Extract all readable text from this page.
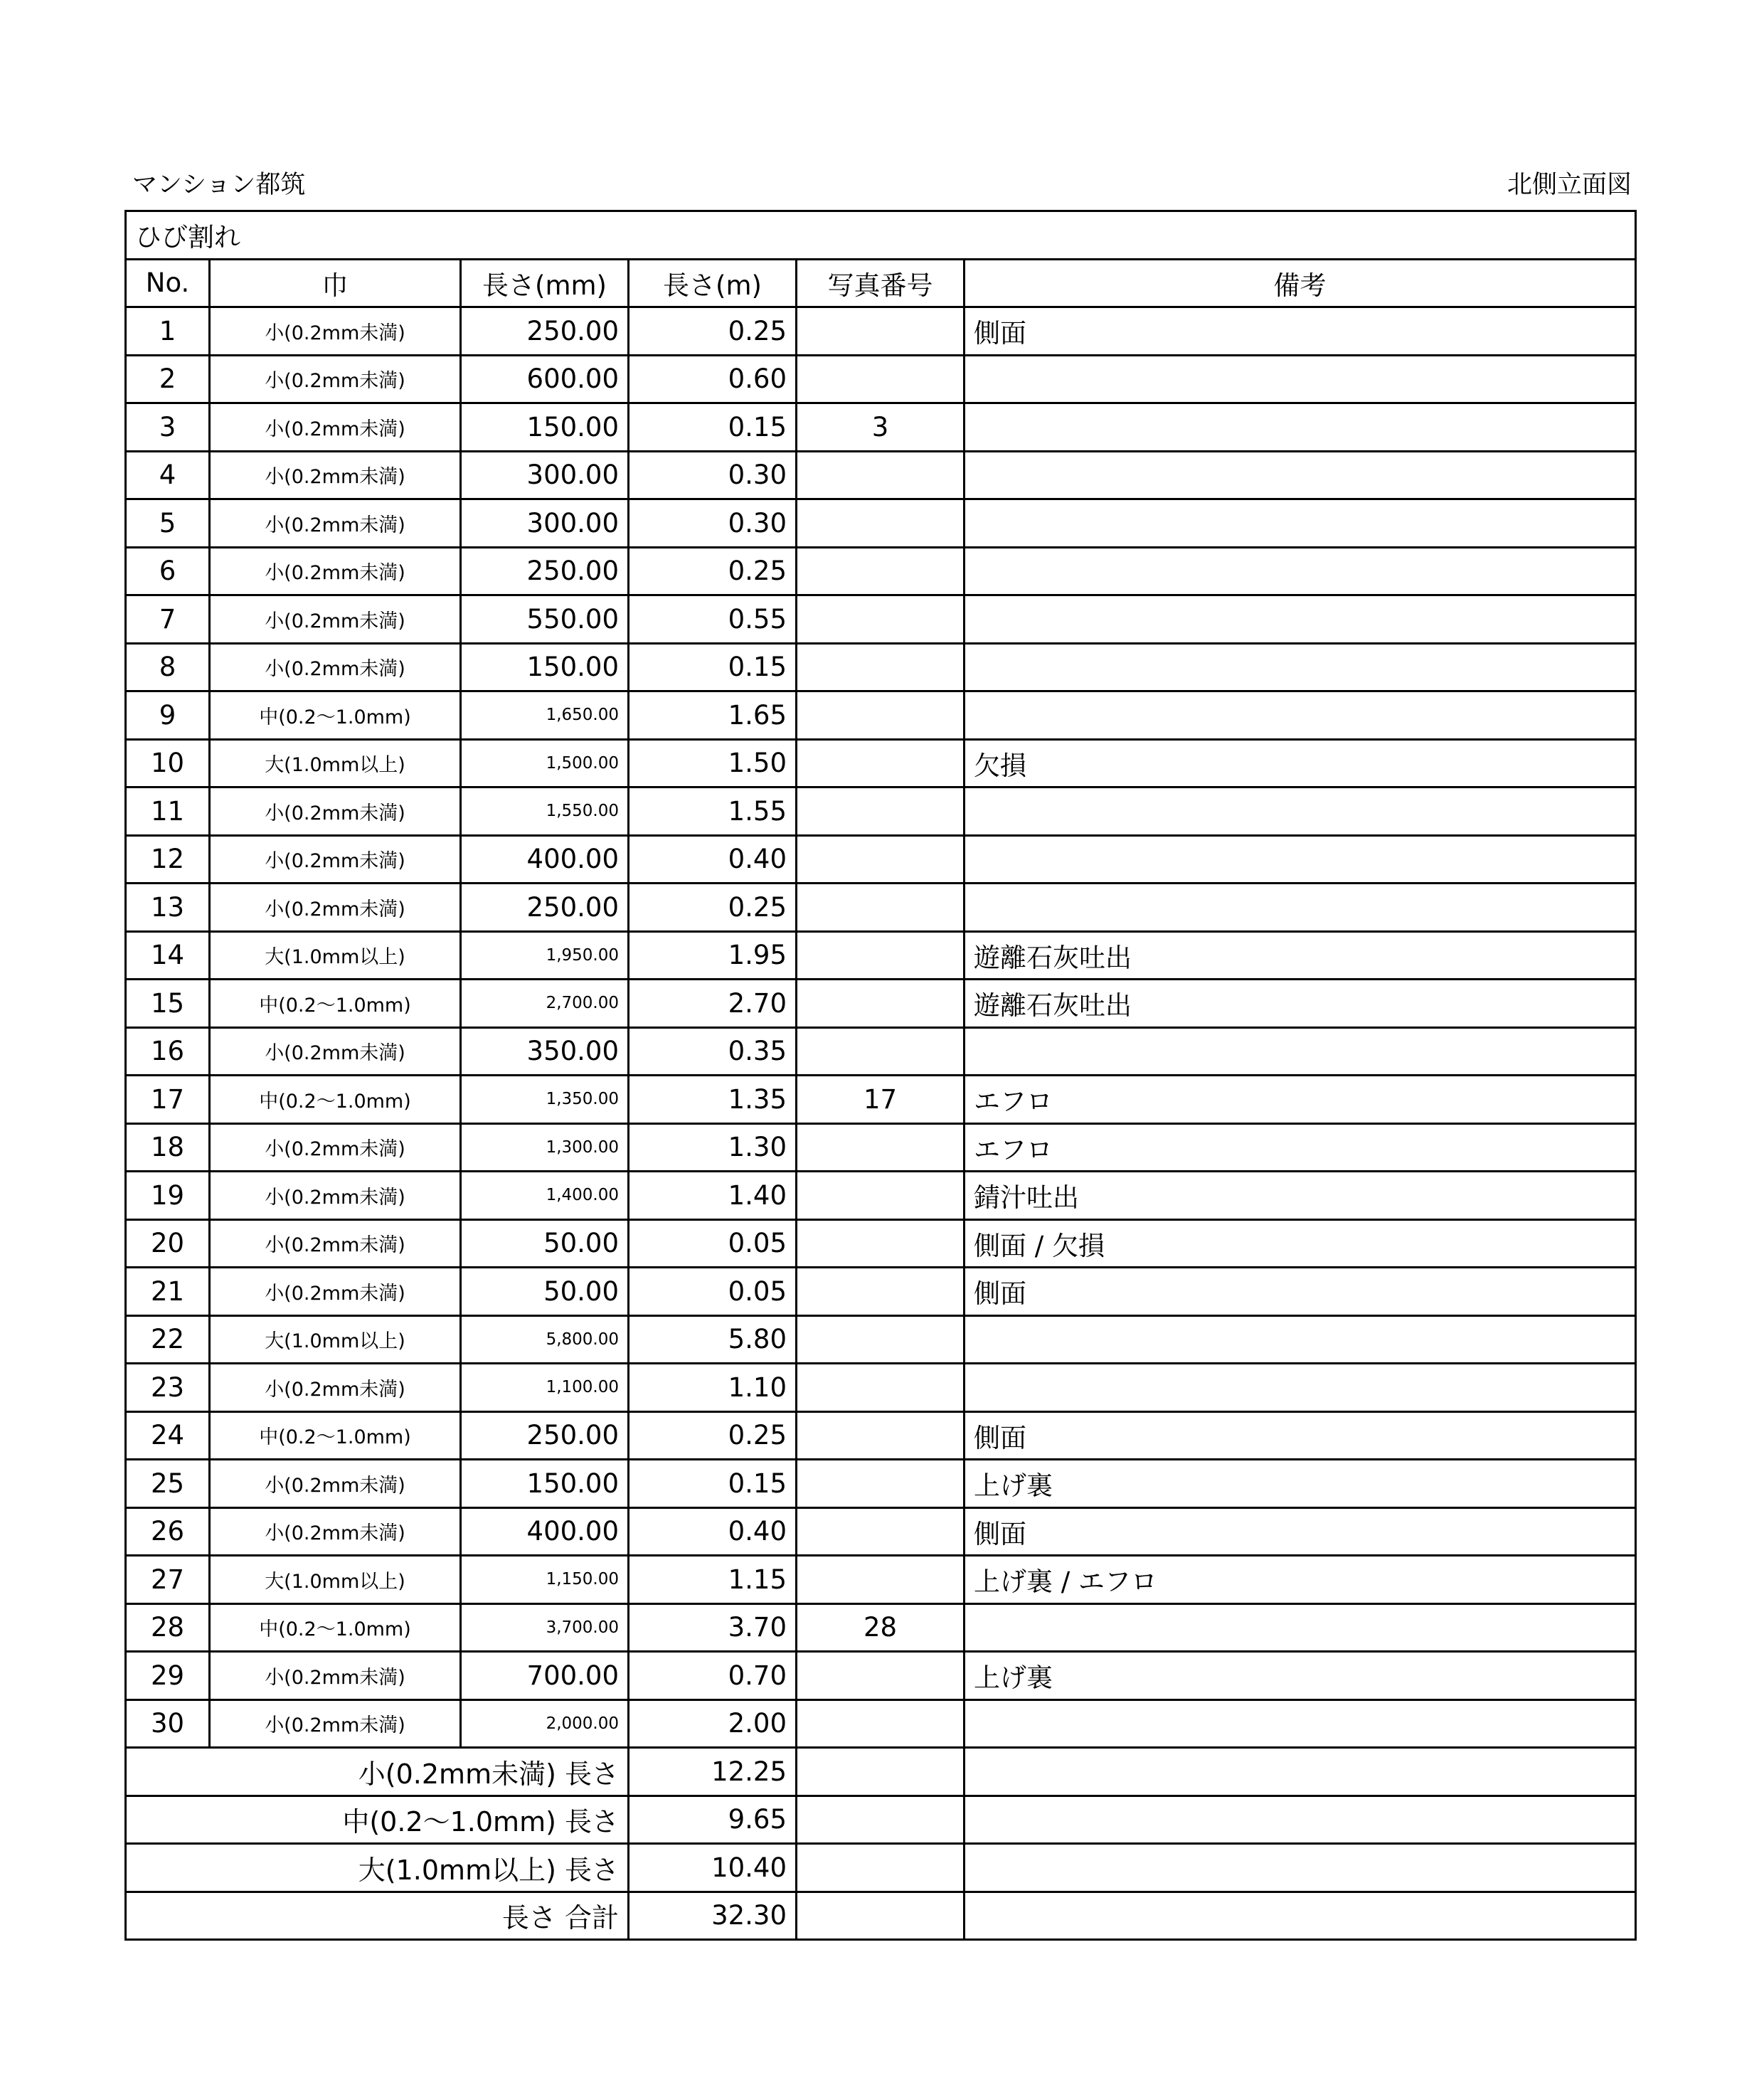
マンション都筑	北側立面図
ひび割れ					
No.	巾	長さ(mm)	長さ(m)	写真番号	備考
1	小(0.2mm未満)	250.00	0.25		側面
2	小(0.2mm未満)	600.00	0.60		
3	小(0.2mm未満)	150.00	0.15	3	
4	小(0.2mm未満)	300.00	0.30		
5	小(0.2mm未満)	300.00	0.30		
6	小(0.2mm未満)	250.00	0.25		
7	小(0.2mm未満)	550.00	0.55		
8	小(0.2mm未満)	150.00	0.15		
9	中(0.2～1.0mm)	1,650.00	1.65		
10	大(1.0mm以上)	1,500.00	1.50		欠損
11	小(0.2mm未満)	1,550.00	1.55		
12	小(0.2mm未満)	400.00	0.40		
13	小(0.2mm未満)	250.00	0.25		
14	大(1.0mm以上)	1,950.00	1.95		遊離石灰吐出
15	中(0.2～1.0mm)	2,700.00	2.70		遊離石灰吐出
16	小(0.2mm未満)	350.00	0.35		
17	中(0.2～1.0mm)	1,350.00	1.35	17	エフロ
18	小(0.2mm未満)	1,300.00	1.30		エフロ
19	小(0.2mm未満)	1,400.00	1.40		錆汁吐出
20	小(0.2mm未満)	50.00	0.05		側面 / 欠損
21	小(0.2mm未満)	50.00	0.05		側面
22	大(1.0mm以上)	5,800.00	5.80		
23	小(0.2mm未満)	1,100.00	1.10		
24	中(0.2～1.0mm)	250.00	0.25		側面
25	小(0.2mm未満)	150.00	0.15		上げ裏
26	小(0.2mm未満)	400.00	0.40		側面
27	大(1.0mm以上)	1,150.00	1.15		上げ裏 / エフロ
28	中(0.2～1.0mm)	3,700.00	3.70	28	
29	小(0.2mm未満)	700.00	0.70		上げ裏
30	小(0.2mm未満)	2,000.00	2.00		
小(0.2mm未満) 長さ			12.25		
中(0.2～1.0mm) 長さ			9.65		
大(1.0mm以上) 長さ			10.40		
長さ 合計			32.30		
